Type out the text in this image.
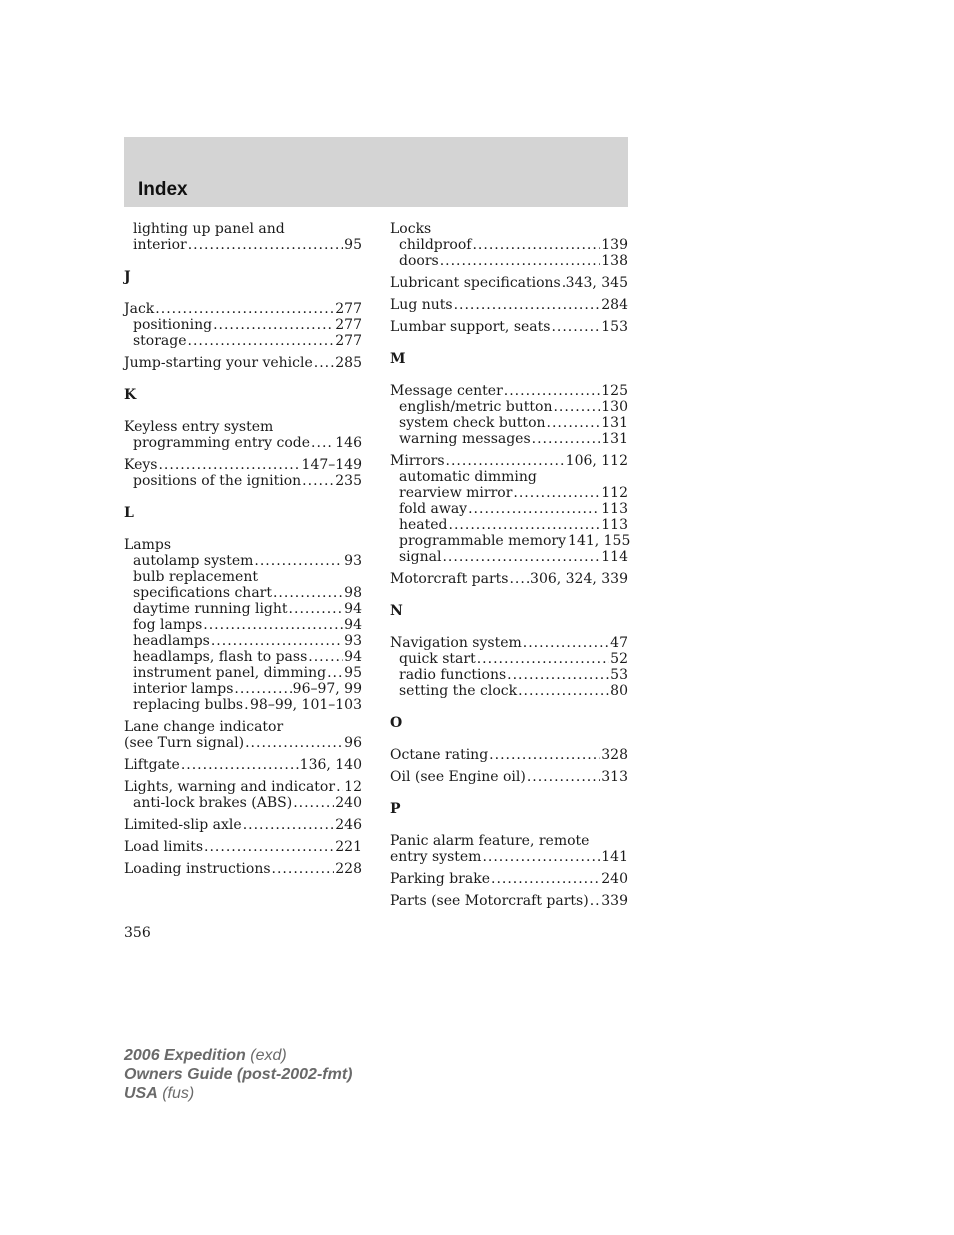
Index
lighting up panel and
interior .....	95
J
Jack .....	277
positioning .....	277
storage .....	277
Jump-starting your vehicle ..... 285
K
Keyless entry system
programming entry code ..... 146
Keys .....	147–149
positions of the ignition ..... 235
L
Lamps
autolamp system .....	93
bulb replacement
specifications chart .....	98
daytime running light .....	94
fog lamps .....	94
headlamps .....	93
headlamps, flash to pass .....	94
instrument panel, dimming ..... 95
interior lamps .....	96–97, 99
replacing bulbs ..... 98–99, 101–103
Lane change indicator
(see Turn signal) .....	96
Liftgate .....	136, 140
Lights, warning and indicator ..... 12
anti-lock brakes (ABS) .....	240
Limited-slip axle .....	246
Load limits .....	221
Loading instructions .....	228
Locks
childproof .....	139
doors .....	138
Lubricant specifications ..... 343, 345
Lug nuts .....	284
Lumbar support, seats .....	153
M
Message center .....	125
english/metric button .....	130
system check button .....	131
warning messages .....	131
Mirrors .....	106, 112
automatic dimming
rearview mirror .....	112
fold away .....	113
heated .....	113
programmable memory 141, 155
signal .....	114
Motorcraft parts ..... 306, 324, 339
N
Navigation system .....	47
quick start .....	52
radio functions .....	53
setting the clock .....	80
O
Octane rating .....	328
Oil (see Engine oil) .....	313
P
Panic alarm feature, remote
entry system .....	141
Parking brake .....	240
Parts (see Motorcraft parts) ..... 339
356
2006 Expedition (exd)
Owners Guide (post-2002-fmt)
USA (fus)
